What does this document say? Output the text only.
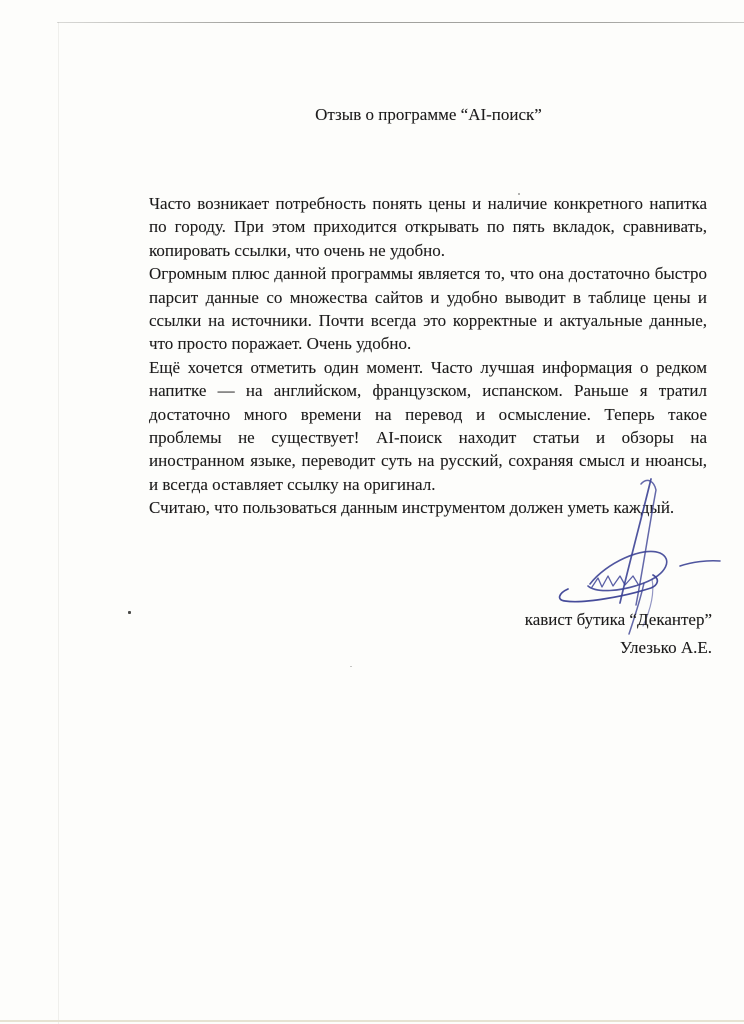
Отзыв о программе “AI-поиск”

Часто возникает потребность понять цены и наличие конкретного напитка по городу. При этом приходится открывать по пять вкладок, сравнивать, копировать ссылки, что очень не удобно.

Огромным плюс данной программы является то, что она достаточно быстро парсит данные со множества сайтов и удобно выводит в таблице цены и ссылки на источники. Почти всегда это корректные и актуальные данные, что просто поражает. Очень удобно.

Ещё хочется отметить один момент. Часто лучшая информация о редком напитке — на английском, французском, испанском. Раньше я тратил достаточно много времени на перевод и осмысление. Теперь такое проблемы не существует! AI-поиск находит статьи и обзоры на иностранном языке, переводит суть на русский, сохраняя смысл и нюансы, и всегда оставляет ссылку на оригинал.

Считаю, что пользоваться данным инструментом должен уметь каждый.

кавист бутика “Декантер”
Улезько А.Е.
